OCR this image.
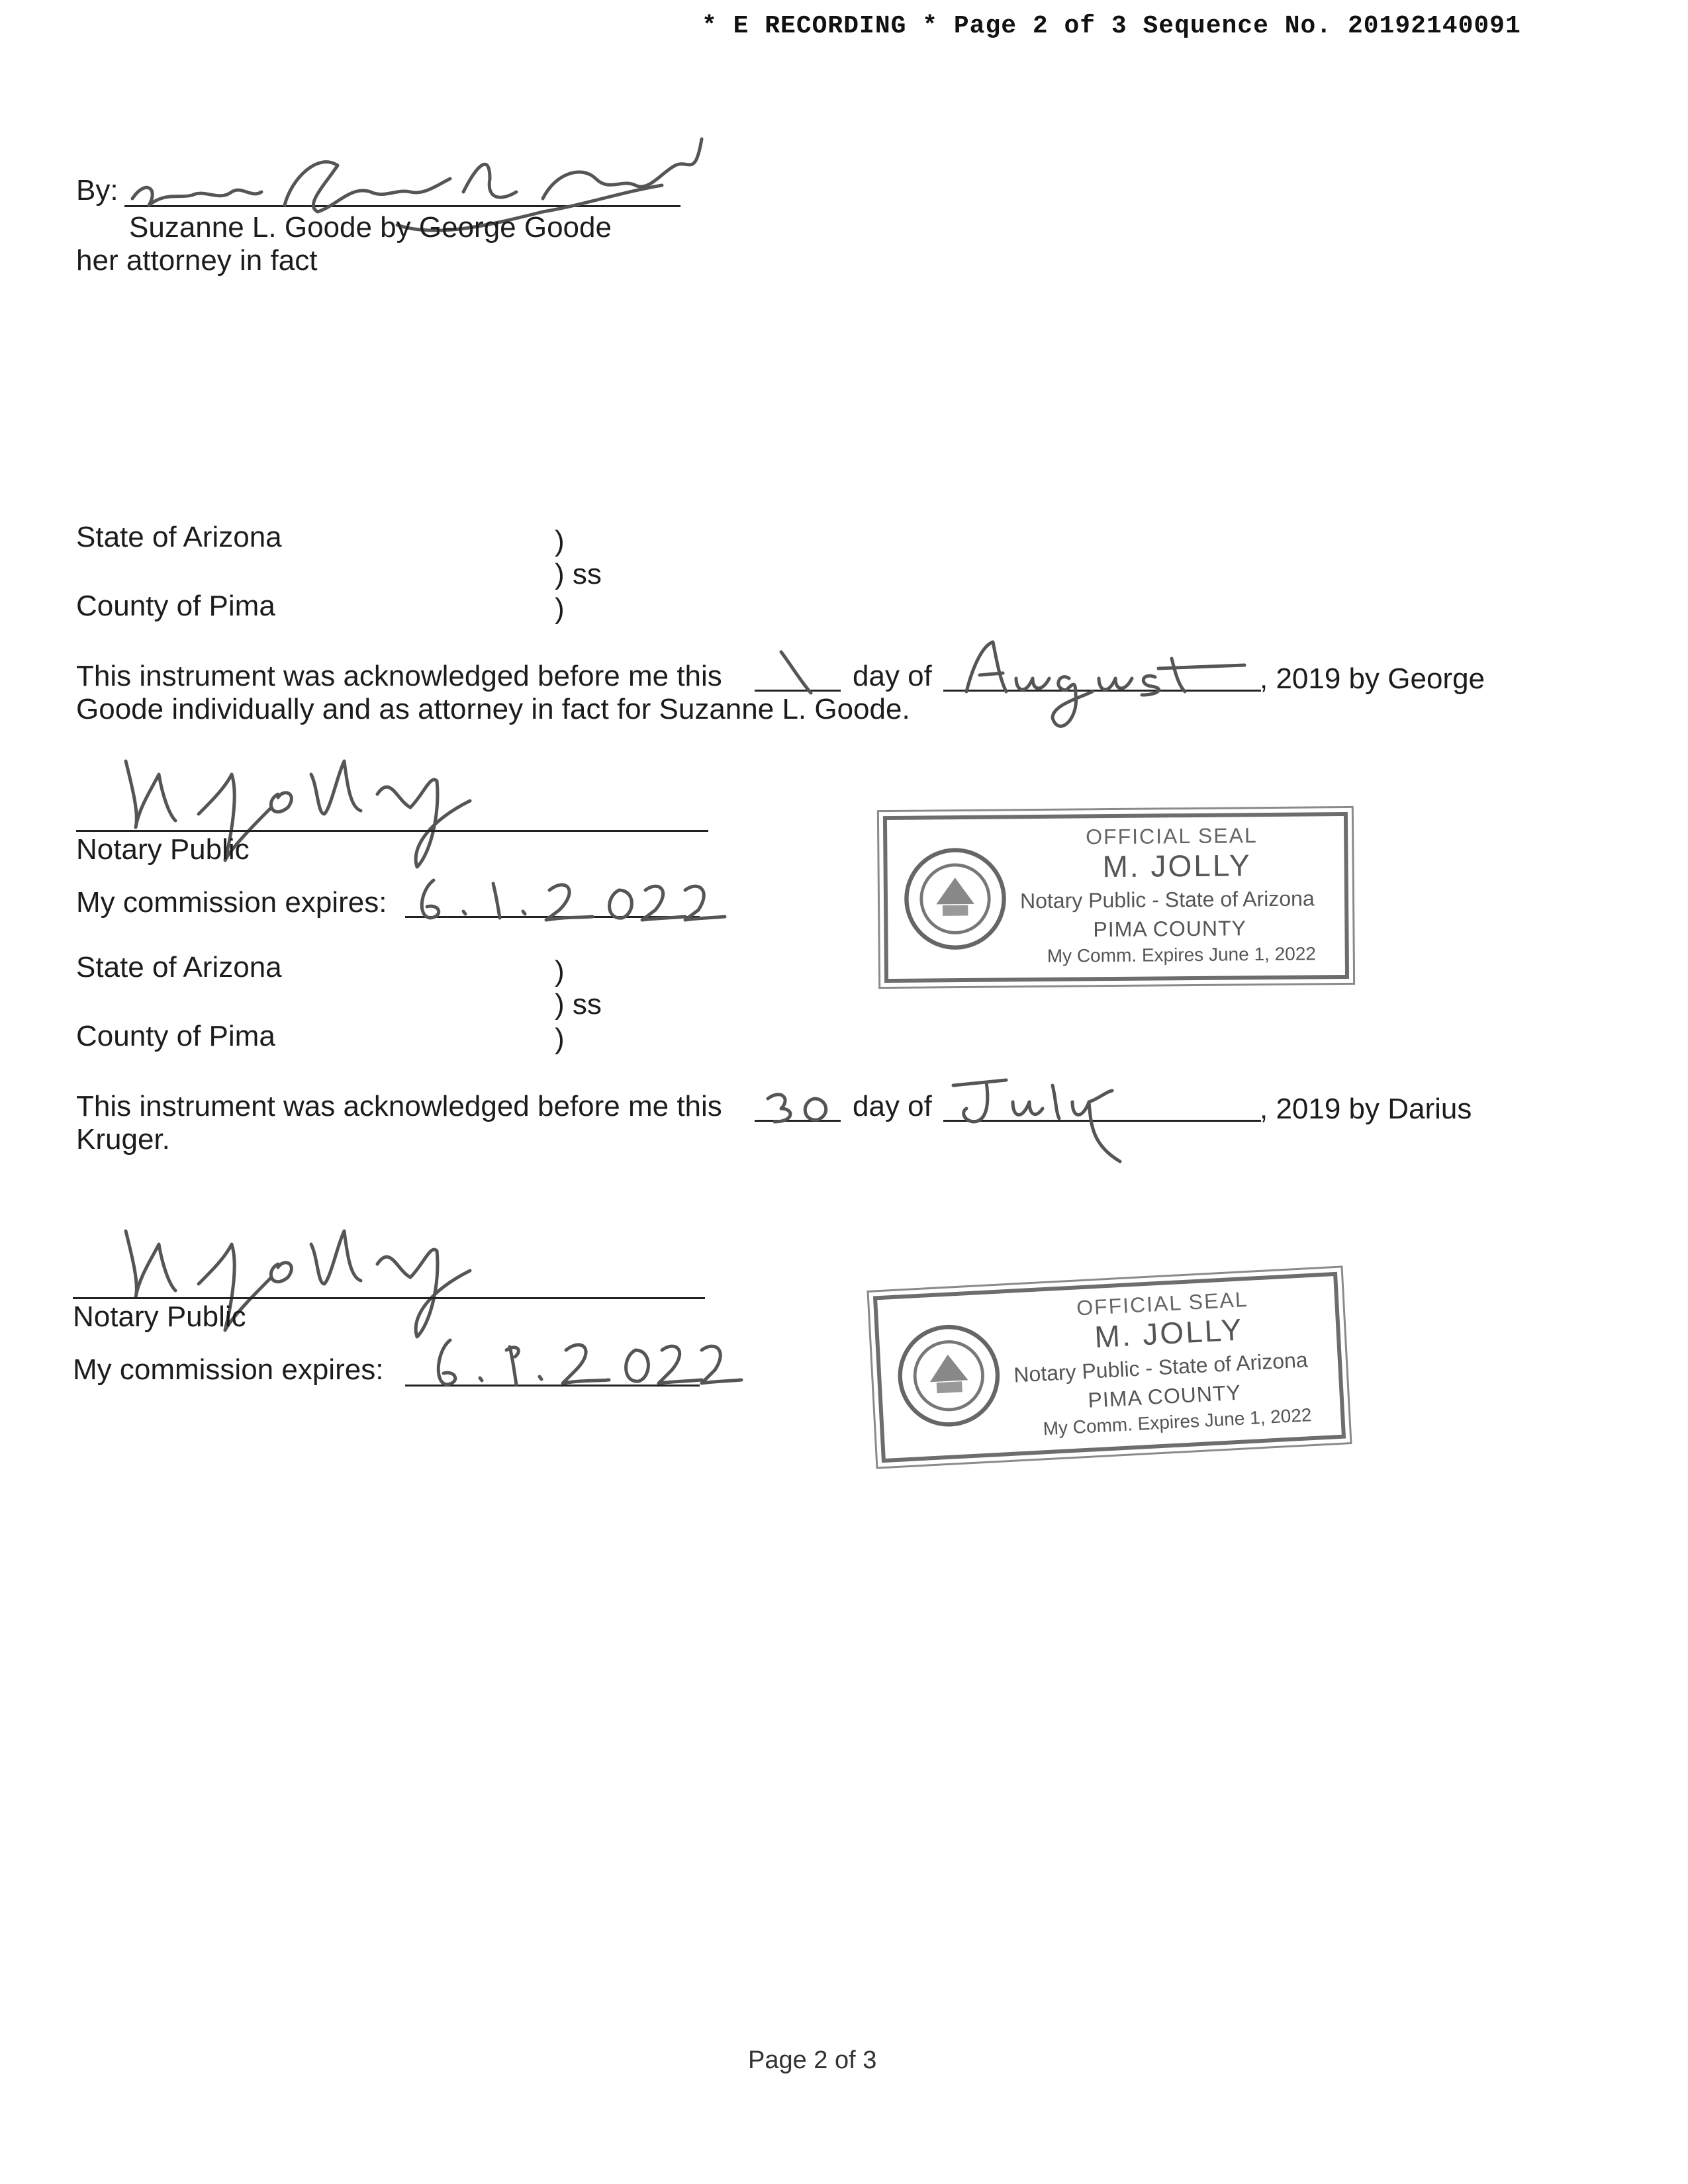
* E RECORDING * Page 2 of 3 Sequence No. 20192140091
By:
Suzanne L. Goode by George Goode
her attorney in fact
State of Arizona	)
) ss
County of Pima	)
This instrument was acknowledged before me this	day of	, 2019 by George
Goode individually and as attorney in fact for Suzanne L. Goode.
Notary Public
My commission expires:
OFFICIAL SEAL
M. JOLLY
Notary Public - State of Arizona
PIMA COUNTY
My Comm. Expires June 1, 2022
State of Arizona	)
) ss
County of Pima	)
This instrument was acknowledged before me this	day of	, 2019 by Darius
Kruger.
Notary Public
My commission expires:
OFFICIAL SEAL
M. JOLLY
Notary Public - State of Arizona
PIMA COUNTY
My Comm. Expires June 1, 2022
Page 2 of 3
